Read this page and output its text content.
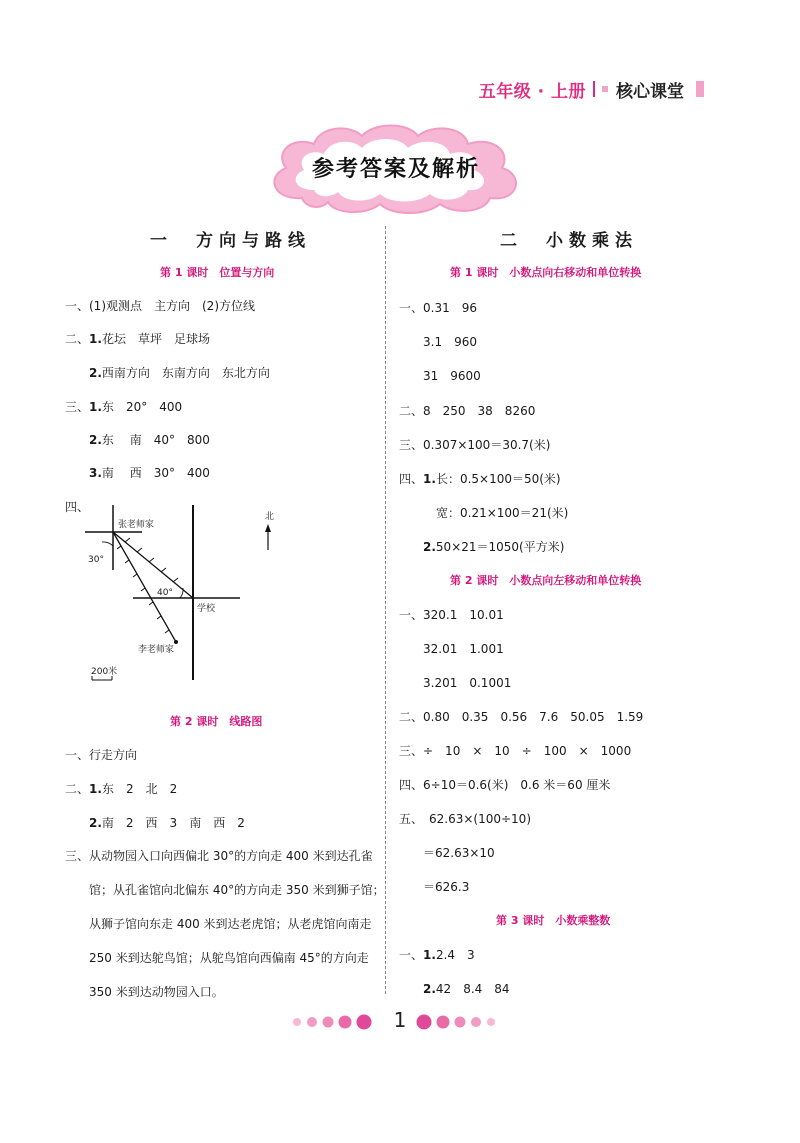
五年级 · 上册 核心课堂
参考答案及解析
一　方向与路线
第 1 课时　位置与方向
一、(1)观测点　主方向　(2)方位线
二、1.花坛　草坪　足球场
2.西南方向　东南方向　东北方向
三、1.东　20°　400
2.东　 南　40°　800
3.南　 西　30°　400
四、
张老师家
李老师家
学校
北
30°
40°
200米
第 2 课时　线路图
一、行走方向
二、1.东　2　北　2
2.南　2　西　3　南　西　2
三、从动物园入口向西偏北 30°的方向走 400 米到达孔雀
馆；从孔雀馆向北偏东 40°的方向走 350 米到狮子馆；
从狮子馆向东走 400 米到达老虎馆；从老虎馆向南走
250 米到达鸵鸟馆；从鸵鸟馆向西偏南 45°的方向走
350 米到达动物园入口。
二　小数乘法
第 1 课时　小数点向右移动和单位转换
一、0.31　96
3.1　960
31　9600
二、8　250　38　8260
三、0.307×100＝30.7(米)
四、1.长：0.5×100＝50(米)
宽：0.21×100＝21(米)
2.50×21＝1050(平方米)
第 2 课时　小数点向左移动和单位转换
一、320.1　10.01
32.01　1.001
3.201　0.1001
二、0.80　0.35　0.56　7.6　50.05　1.59
三、÷　10　×　10　÷　100　×　1000
四、6÷10＝0.6(米)　0.6 米＝60 厘米
五、　62.63×(100÷10)
＝62.63×10
＝626.3
第 3 课时　小数乘整数
一、1.2.4　3
2.42　8.4　84
1
